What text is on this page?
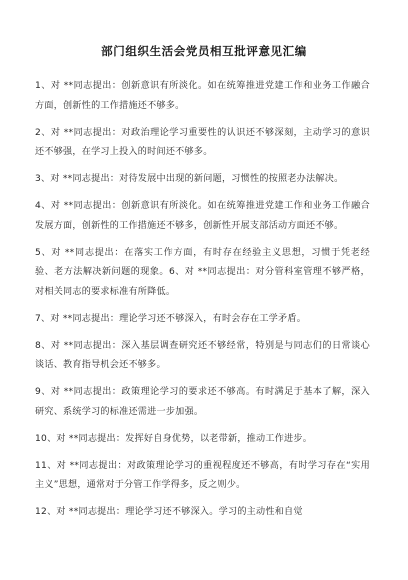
部门组织生活会党员相互批评意见汇编

1、对 **同志提出：创新意识有所淡化。如在统筹推进党建工作和业务工作融合方面，创新性的工作措施还不够多。

2、对 **同志提出：对政治理论学习重要性的认识还不够深刻，主动学习的意识还不够强，在学习上投入的时间还不够多。

3、对 **同志提出：对待发展中出现的新问题，习惯性的按照老办法解决。

4、对 **同志提出：创新意识有所淡化。如在统筹推进党建工作和业务工作融合发展方面，创新性的工作措施还不够多，创新性开展支部活动方面还不够。

5、对 **同志提出：在落实工作方面，有时存在经验主义思想，习惯于凭老经验、老方法解决新问题的现象。6、对 **同志提出：对分管科室管理不够严格，对相关同志的要求标准有所降低。

7、对 **同志提出：理论学习还不够深入，有时会存在工学矛盾。

8、对 **同志提出：深入基层调查研究还不够经常，特别是与同志们的日常谈心谈话、教育指导机会还不够多。

9、对 **同志提出：政策理论学习的要求还不够高。有时满足于基本了解，深入研究、系统学习的标准还需进一步加强。

10、对 **同志提出：发挥好自身优势，以老带新，推动工作进步。

11、对 **同志提出：对政策理论学习的重视程度还不够高，有时学习存在“实用主义”思想，通常对于分管工作学得多，反之则少。

12、对 **同志提出：理论学习还不够深入。学习的主动性和自觉
